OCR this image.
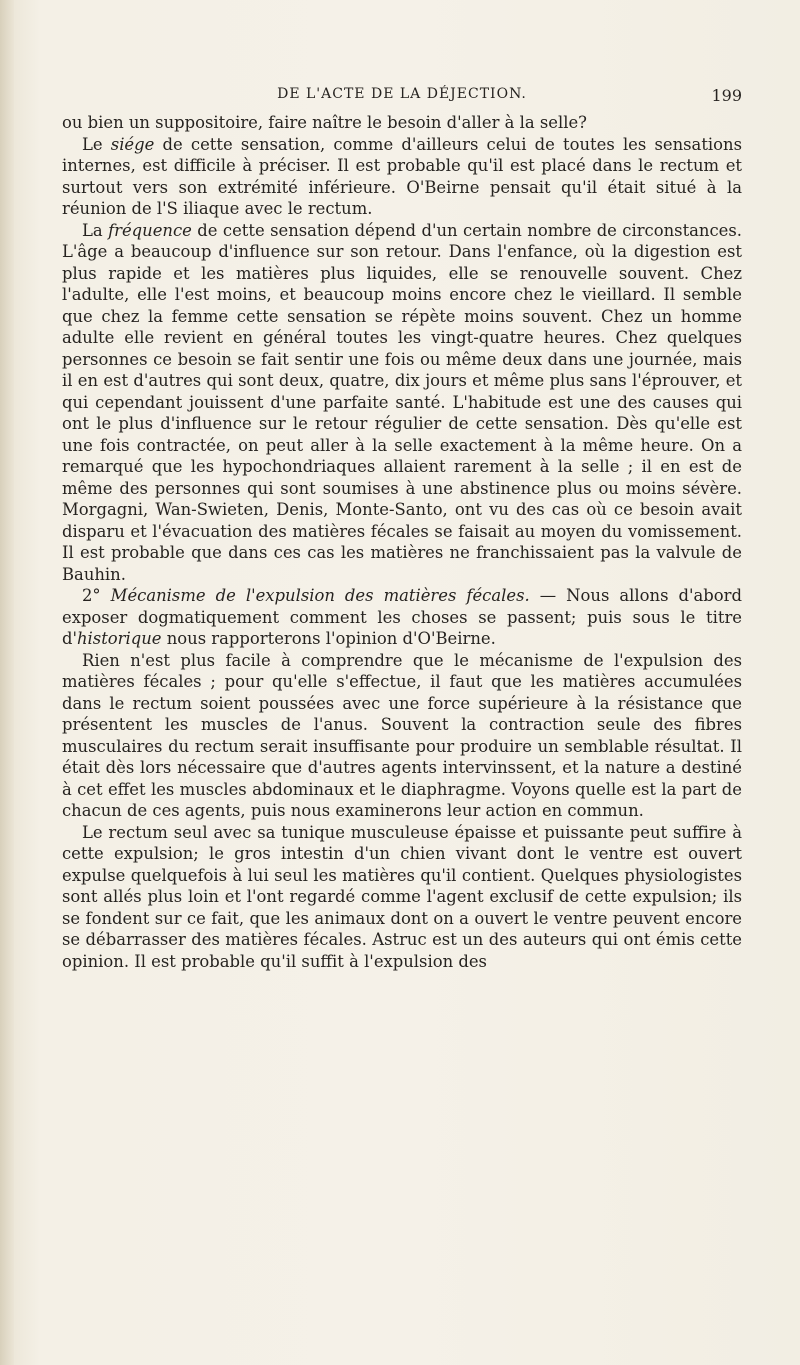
DE L'ACTE DE LA DÉJECTION.	199

ou bien un suppositoire, faire naître le besoin d'aller à la selle?

Le siége de cette sensation, comme d'ailleurs celui de toutes les sensations internes, est difficile à préciser. Il est probable qu'il est placé dans le rectum et surtout vers son extrémité inférieure. O'Beirne pensait qu'il était situé à la réunion de l'S iliaque avec le rectum.

La fréquence de cette sensation dépend d'un certain nombre de circonstances. L'âge a beaucoup d'influence sur son retour. Dans l'enfance, où la digestion est plus rapide et les matières plus liquides, elle se renouvelle souvent. Chez l'adulte, elle l'est moins, et beaucoup moins encore chez le vieillard. Il semble que chez la femme cette sensation se répète moins souvent. Chez un homme adulte elle revient en général toutes les vingt-quatre heures. Chez quelques personnes ce besoin se fait sentir une fois ou même deux dans une journée, mais il en est d'autres qui sont deux, quatre, dix jours et même plus sans l'éprouver, et qui cependant jouissent d'une parfaite santé. L'habitude est une des causes qui ont le plus d'influence sur le retour régulier de cette sensation. Dès qu'elle est une fois contractée, on peut aller à la selle exactement à la même heure. On a remarqué que les hypochondriaques allaient rarement à la selle ; il en est de même des personnes qui sont soumises à une abstinence plus ou moins sévère. Morgagni, Wan-Swieten, Denis, Monte-Santo, ont vu des cas où ce besoin avait disparu et l'évacuation des matières fécales se faisait au moyen du vomissement. Il est probable que dans ces cas les matières ne franchissaient pas la valvule de Bauhin.

2° Mécanisme de l'expulsion des matières fécales. — Nous allons d'abord exposer dogmatiquement comment les choses se passent; puis sous le titre d'historique nous rapporterons l'opinion d'O'Beirne.

Rien n'est plus facile à comprendre que le mécanisme de l'expulsion des matières fécales ; pour qu'elle s'effectue, il faut que les matières accumulées dans le rectum soient poussées avec une force supérieure à la résistance que présentent les muscles de l'anus. Souvent la contraction seule des fibres musculaires du rectum serait insuffisante pour produire un semblable résultat. Il était dès lors nécessaire que d'autres agents intervinssent, et la nature a destiné à cet effet les muscles abdominaux et le diaphragme. Voyons quelle est la part de chacun de ces agents, puis nous examinerons leur action en commun.

Le rectum seul avec sa tunique musculeuse épaisse et puissante peut suffire à cette expulsion; le gros intestin d'un chien vivant dont le ventre est ouvert expulse quelquefois à lui seul les matières qu'il contient. Quelques physiologistes sont allés plus loin et l'ont regardé comme l'agent exclusif de cette expulsion; ils se fondent sur ce fait, que les animaux dont on a ouvert le ventre peuvent encore se débarrasser des matières fécales. Astruc est un des auteurs qui ont émis cette opinion. Il est probable qu'il suffit à l'expulsion des
